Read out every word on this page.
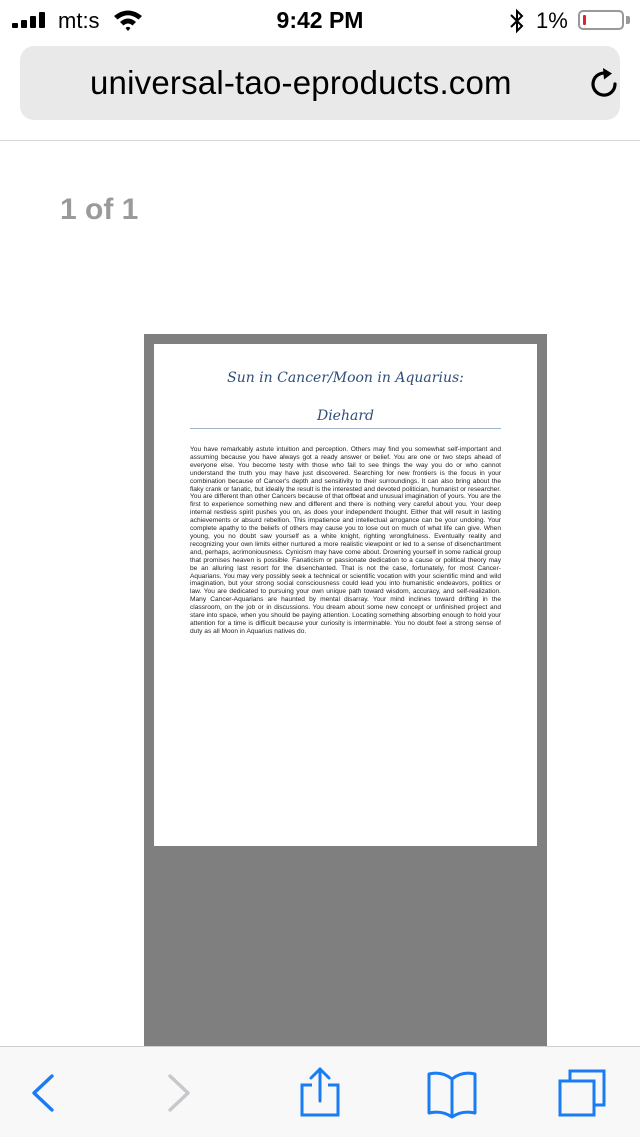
mt:s	9:42 PM	1%
universal-tao-eproducts.com
1 of 1
Sun in Cancer/Moon in Aquarius:
Diehard
You have remarkably astute intuition and perception. Others may find you somewhat self-important and assuming because you have always got a ready answer or belief. You are one or two steps ahead of everyone else. You become testy with those who fail to see things the way you do or who cannot understand the truth you may have just discovered. Searching for new frontiers is the focus in your combination because of Cancer's depth and sensitivity to their surroundings. It can also bring about the flaky crank or fanatic, but ideally the result is the interested and devoted politician, humanist or researcher. You are different than other Cancers because of that offbeat and unusual imagination of yours. You are the first to experience something new and different and there is nothing very careful about you. Your deep internal restless spirit pushes you on, as does your independent thought. Either that will result in lasting achievements or absurd rebellion. This impatience and intellectual arrogance can be your undoing. Your complete apathy to the beliefs of others may cause you to lose out on much of what life can give. When young, you no doubt saw yourself as a white knight, righting wrongfulness. Eventually reality and recognizing your own limits either nurtured a more realistic viewpoint or led to a sense of disenchantment and, perhaps, acrimoniousness. Cynicism may have come about. Drowning yourself in some radical group that promises heaven is possible. Fanaticism or passionate dedication to a cause or political theory may be an alluring last resort for the disenchanted. That is not the case, fortunately, for most Cancer-Aquarians. You may very possibly seek a technical or scientific vocation with your scientific mind and wild imagination, but your strong social consciousness could lead you into humanistic endeavors, politics or law. You are dedicated to pursuing your own unique path toward wisdom, accuracy, and self-realization. Many Cancer-Aquarians are haunted by mental disarray. Your mind inclines toward drifting in the classroom, on the job or in discussions. You dream about some new concept or unfinished project and stare into space, when you should be paying attention. Locating something absorbing enough to hold your attention for a time is difficult because your curiosity is interminable. You no doubt feel a strong sense of duty as all Moon in Aquarius natives do.
